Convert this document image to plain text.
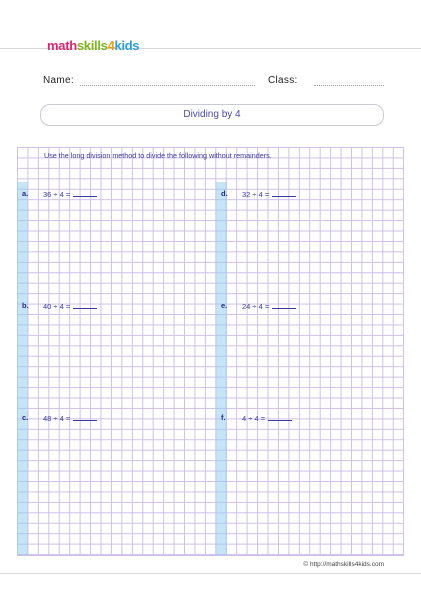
mathskills4kids
Name:	Class:
Dividing by 4
Use the long division method to divide the following without remainders.
a. 36 ÷ 4 =	d. 32 ÷ 4 =
b. 40 ÷ 4 =	e. 24 ÷ 4 =
c. 48 ÷ 4 =	f. 4 ÷ 4 =
© http://mathskills4kids.com
